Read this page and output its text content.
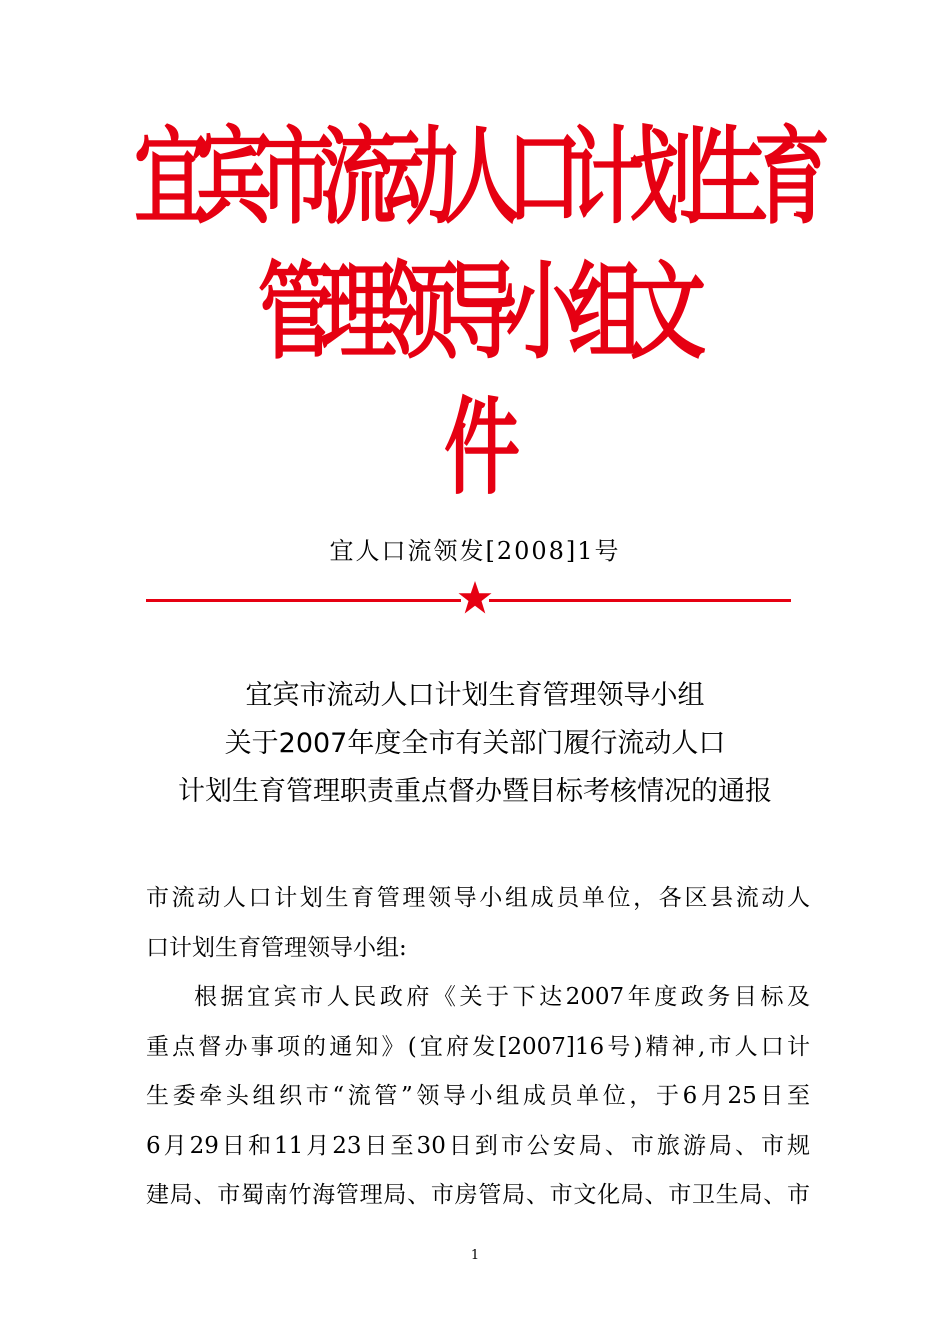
宜宾市流动人口计划生育管理领导小组文
件
宜人口流领发[2008]1号
宜宾市流动人口计划生育管理领导小组
关于2007年度全市有关部门履行流动人口
计划生育管理职责重点督办暨目标考核情况的通报
市流动人口计划生育管理领导小组成员单位，各区县流动人
口计划生育管理领导小组:
根据宜宾市人民政府《关于下达2007年度政务目标及
重点督办事项的通知》(宜府发[2007]16号)精神,市人口计
生委牵头组织市“流管”领导小组成员单位，于6月25日至
6月29日和11月23日至30日到市公安局、市旅游局、市规
建局、市蜀南竹海管理局、市房管局、市文化局、市卫生局、市
1
